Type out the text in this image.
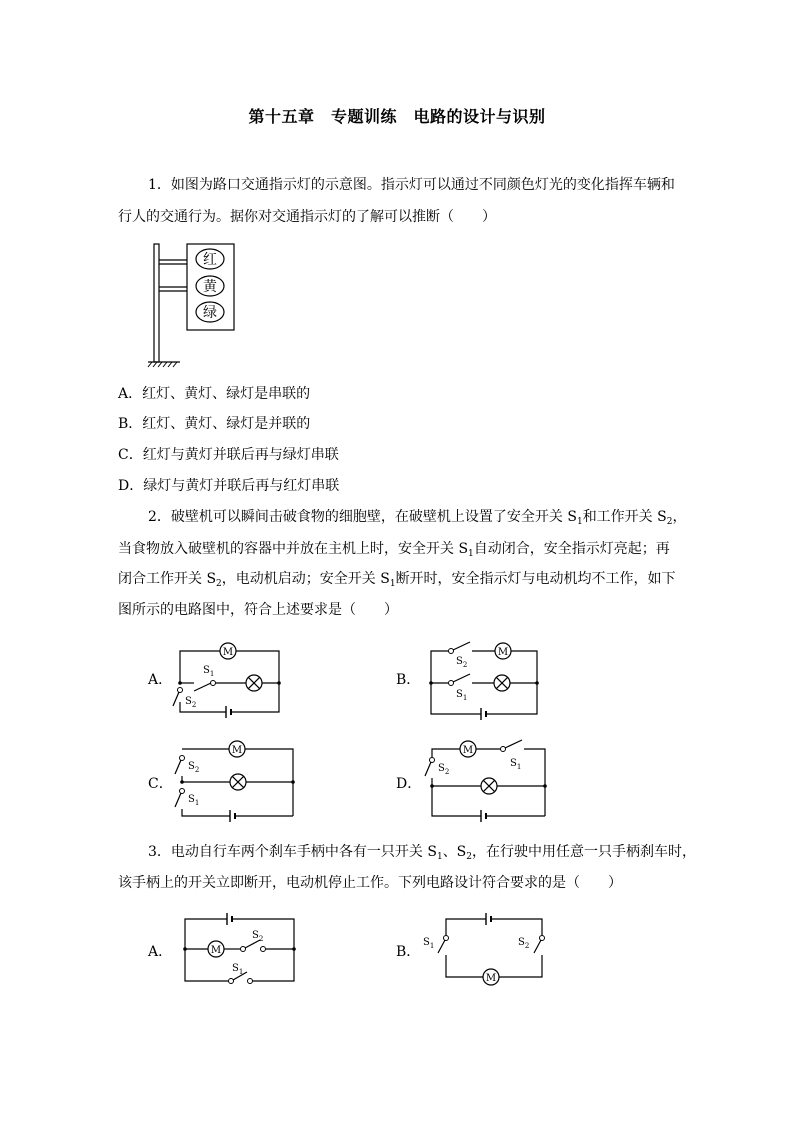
第十五章　专题训练　电路的设计与识别
1．如图为路口交通指示灯的示意图。指示灯可以通过不同颜色灯光的变化指挥车辆和
行人的交通行为。据你对交通指示灯的了解可以推断（　　）
红
黄
绿
A．红灯、黄灯、绿灯是串联的
B．红灯、黄灯、绿灯是并联的
C．红灯与黄灯并联后再与绿灯串联
D．绿灯与黄灯并联后再与红灯串联
2．破壁机可以瞬间击破食物的细胞壁，在破壁机上设置了安全开关 $S_1$和工作开关 $S_2$，
当食物放入破壁机的容器中并放在主机上时，安全开关 $S_1$自动闭合，安全指示灯亮起；再
闭合工作开关 $S_2$，电动机启动；安全开关 $S_1$断开时，安全指示灯与电动机均不工作，如下
图所示的电路图中，符合上述要求是（　　）
A．	B．
C．	D．
M
$S_1$
$S_2$
M
$S_2$
$S_1$
M
$S_2$
$S_1$
$S_2$
M
$S_1$
3．电动自行车两个刹车手柄中各有一只开关 $S_1$、$S_2$，在行驶中用任意一只手柄刹车时，
该手柄上的开关立即断开，电动机停止工作。下列电路设计符合要求的是（　　）
A．	B．
M
$S_2$
$S_1$
$S_1$	$S_2$
M
